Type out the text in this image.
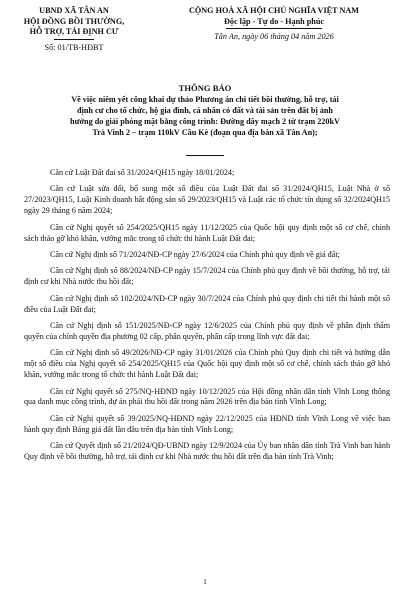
UBND XÃ TÂN AN
HỘI ĐỒNG BỒI THƯỜNG,
HỖ TRỢ, TÁI ĐỊNH CƯ
Số: 01/TB-HĐBT
CỘNG HOÀ XÃ HỘI CHỦ NGHĨA VIỆT NAM
Độc lập - Tự do - Hạnh phúc
Tân An, ngày 06 tháng 04 năm 2026
THÔNG BÁO
Về việc niêm yết công khai dự thảo Phương án chi tiết bồi thường, hỗ trợ, tái
định cư cho tổ chức, hộ gia đình, cá nhân có đất và tài sản trên đất bị ảnh
hưởng do giải phóng mặt bằng công trình: Đường dây mạch 2 từ trạm 220kV
Trà Vinh 2 – trạm 110kV Cầu Kè (đoạn qua địa bàn xã Tân An);

Căn cứ Luật Đất đai số 31/2024/QH15 ngày 18/01/2024;

Căn cứ Luật sửa đổi, bổ sung một số điều của Luật Đất đai số 31/2024/QH15, Luật Nhà ở số 27/2023/QH15, Luật Kinh doanh bất động sản số 29/2023/QH15 và Luật các tổ chức tín dụng số 32/2024QH15 ngày 29 tháng 6 năm 2024;

Căn cứ Nghị quyết số 254/2025/QH15 ngày 11/12/2025 của Quốc hội quy định một số cơ chế, chính sách tháo gỡ khó khăn, vướng mắc trong tổ chức thi hành Luật Đất đai;

Căn cứ Nghị định số 71/2024/NĐ-CP ngày 27/6/2024 của Chính phủ quy định về giá đất;

Căn cứ Nghị định số 88/2024/NĐ-CP ngày 15/7/2024 của Chính phủ quy định về bồi thường, hỗ trợ, tái định cư khi Nhà nước thu hồi đất;

Căn cứ Nghị định số 102/2024/NĐ-CP ngày 30/7/2024 của Chính phủ quy định chi tiết thi hành một số điều của Luật Đất đai;

Căn cứ Nghị định số 151/2025/NĐ-CP ngày 12/6/2025 của Chính phủ quy định về phân định thẩm quyền của chính quyền địa phương 02 cấp, phân quyền, phân cấp trong lĩnh vực đất đai;

Căn cứ Nghị định số 49/2026/NĐ-CP ngày 31/01/2026 của Chính phủ Quy định chi tiết và hướng dẫn một số điều của Nghị quyết số 254/2025/QH15 của Quốc hội quy định một số cơ chế, chính sách tháo gỡ khó khăn, vướng mắc trong tổ chức thi hành Luật Đất đai;

Căn cứ Nghị quyết số 275/NQ-HĐND ngày 10/12/2025 của Hội đồng nhân dân tỉnh Vĩnh Long thông qua danh mục công trình, dự án phải thu hồi đất trong năm 2026 trên địa bàn tỉnh Vĩnh Long;

Căn cứ Nghị quyết số 39/2025/NQ-HĐND ngày 22/12/2025 của HĐND tỉnh Vĩnh Long về việc ban hành quy định Bảng giá đất lần đầu trên địa bàn tỉnh Vĩnh Long;

Căn cứ Quyết định số 21/2024/QĐ-UBND ngày 12/9/2024 của Ủy ban nhân dân tỉnh Trà Vinh ban hành Quy định về bồi thường, hỗ trợ, tái định cư khi Nhà nước thu hồi đất trên địa bàn tỉnh Trà Vinh;

1
